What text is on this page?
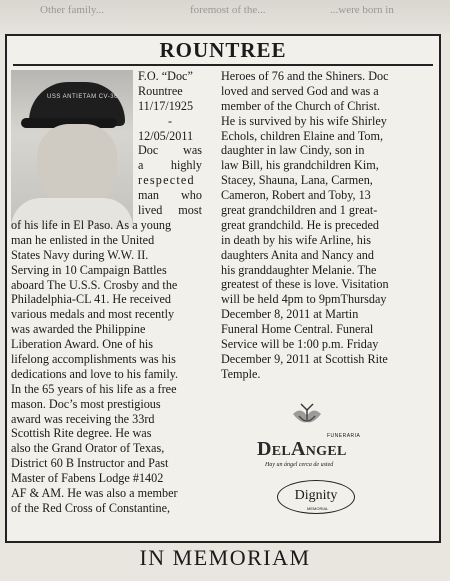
Other family...	foremost of the...	...were born in
ROUNTREE
USS ANTIETAM CV-36
F.O. “Doc”
Rountree
11/17/1925
-
12/05/2011
Doc was
a highly
respected
man who
lived most
of his life in El Paso. As a young
man he enlisted in the United
States Navy during W.W. II.
Serving in 10 Campaign Battles
aboard The U.S.S. Crosby and the
Philadelphia-CL 41. He received
various medals and most recently
was awarded the Philippine
Liberation Award. One of his
lifelong accomplishments was his
dedications and love to his family.
In the 65 years of his life as a free
mason. Doc’s most prestigious
award was receiving the 33rd
Scottish Rite degree. He was
also the Grand Orator of Texas,
District 60 B Instructor and Past
Master of Fabens Lodge #1402
AF & AM. He was also a member
of the Red Cross of Constantine,
Heroes of 76 and the Shiners. Doc
loved and served God and was a
member of the Church of Christ.
He is survived by his wife Shirley
Echols, children Elaine and Tom,
daughter in law Cindy, son in
law Bill, his grandchildren Kim,
Stacey, Shauna, Lana, Carmen,
Cameron, Robert and Toby, 13
great grandchildren and 1 great-
great grandchild. He is preceded
in death by his wife Arline, his
daughters Anita and Nancy and
his granddaughter Melanie. The
greatest of these is love. Visitation
will be held 4pm to 9pmThursday
December 8, 2011 at Martin
Funeral Home Central. Funeral
Service will be 1:00 p.m. Friday
December 9, 2011 at Scottish Rite
Temple.
FUNERARIA
DelAngel
Hay un ángel cerca de usted
Dignity
MEMORIAL
IN MEMORIAM
